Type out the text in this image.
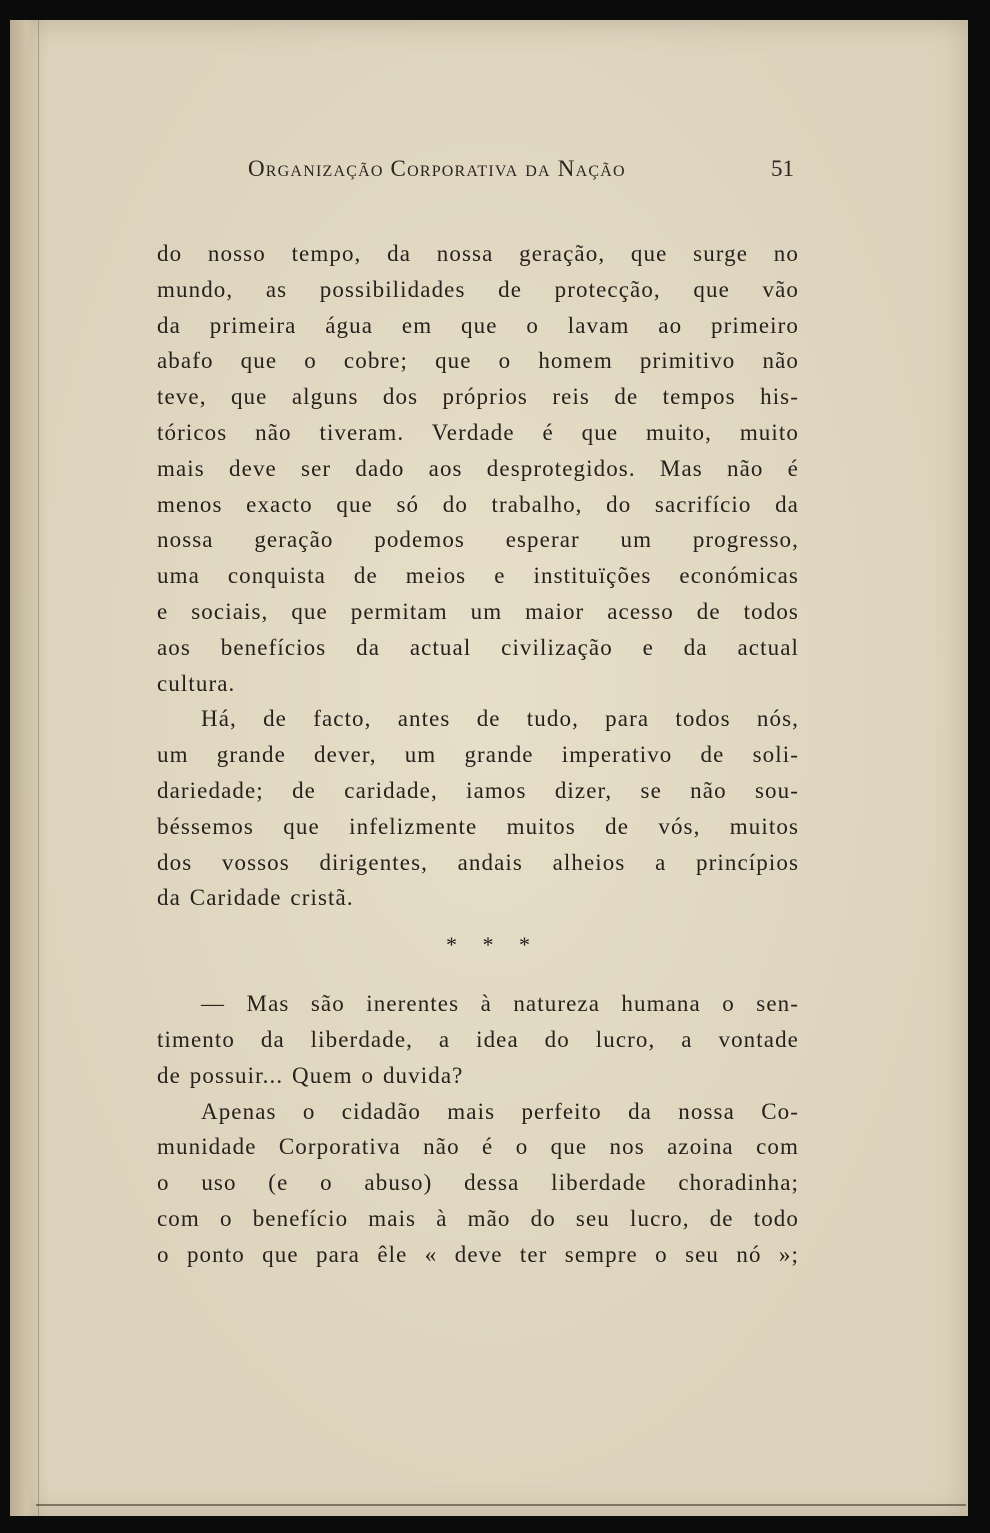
Organização Corporativa da Nação	51
do nosso tempo, da nossa geração, que surge no
mundo, as possibilidades de protecção, que vão
da primeira água em que o lavam ao primeiro
abafo que o cobre; que o homem primitivo não
teve, que alguns dos próprios reis de tempos his-
tóricos não tiveram. Verdade é que muito, muito
mais deve ser dado aos desprotegidos. Mas não é
menos exacto que só do trabalho, do sacrifício da
nossa geração podemos esperar um progresso,
uma conquista de meios e instituïções económicas
e sociais, que permitam um maior acesso de todos
aos benefícios da actual civilização e da actual
cultura.
Há, de facto, antes de tudo, para todos nós,
um grande dever, um grande imperativo de soli-
dariedade; de caridade, iamos dizer, se não sou-
béssemos que infelizmente muitos de vós, muitos
dos vossos dirigentes, andais alheios a princípios
da Caridade cristã.
* * *
— Mas são inerentes à natureza humana o sen-
timento da liberdade, a idea do lucro, a vontade
de possuir... Quem o duvida?
Apenas o cidadão mais perfeito da nossa Co-
munidade Corporativa não é o que nos azoina com
o uso (e o abuso) dessa liberdade choradinha;
com o benefício mais à mão do seu lucro, de todo
o ponto que para êle « deve ter sempre o seu nó »;
